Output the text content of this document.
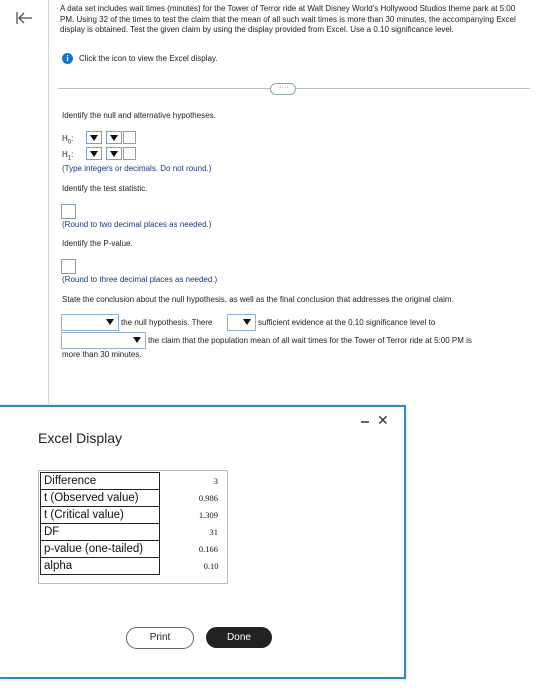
A data set includes wait times (minutes) for the Tower of Terror ride at Walt Disney World's Hollywood Studios theme park at 5:00 PM. Using 32 of the times to test the claim that the mean of all such wait times is more than 30 minutes, the accompanying Excel display is obtained. Test the given claim by using the display provided from Excel. Use a 0.10 significance level.
i	Click the icon to view the Excel display.
·····
Identify the null and alternative hypotheses.
$H_0$:
$H_1$:
(Type integers or decimals. Do not round.)
Identify the test statistic.
(Round to two decimal places as needed.)
Identify the P-value.
(Round to three decimal places as needed.)
State the conclusion about the null hypothesis, as well as the final conclusion that addresses the original claim.
the null hypothesis. There	sufficient evidence at the 0.10 significance level to
the claim that the population mean of all wait times for the Tower of Terror ride at 5:00 PM is
more than 30 minutes.
Excel Display
✕
Difference	3
t (Observed value)	0.986
t (Critical value)	1.309
DF	31
p-value (one-tailed)	0.166
alpha	0.10
Print	Done
